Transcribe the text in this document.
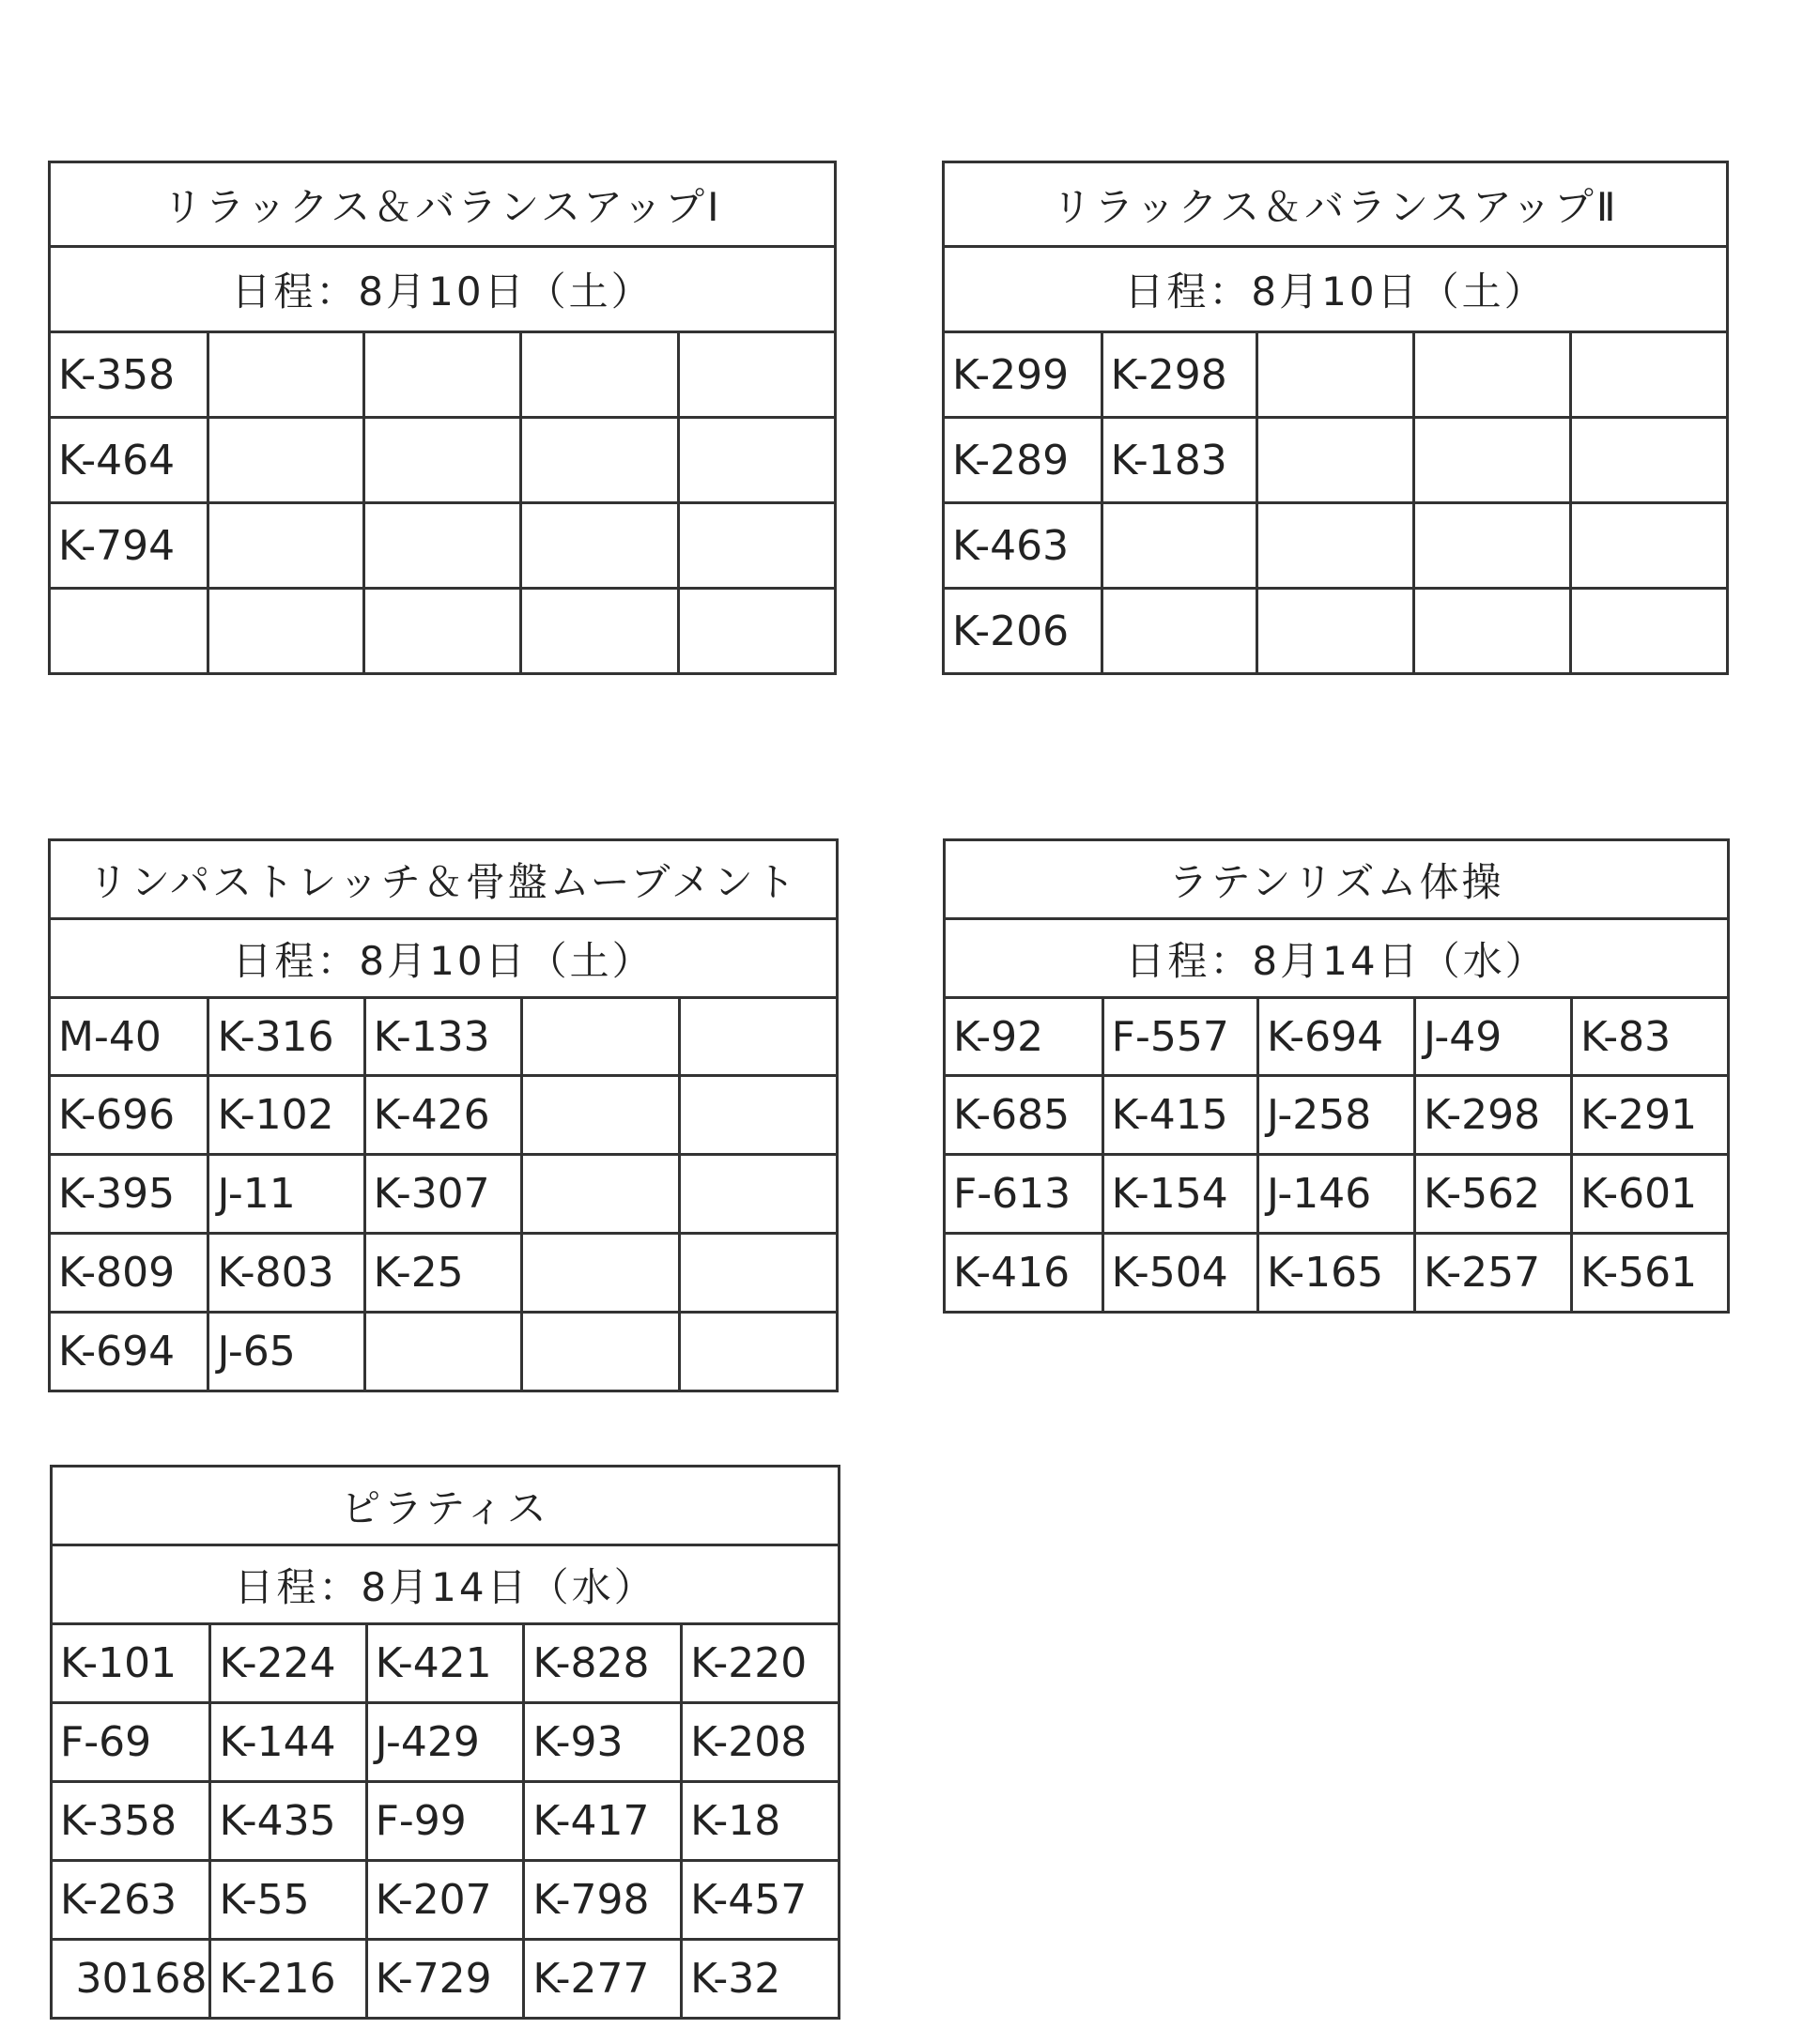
リラックス＆バランスアップⅠ				
日程：8月10日（土）				
K-358				
K-464				
K-794				

リラックス＆バランスアップⅡ				
日程：8月10日（土）				
K-299	K-298			
K-289	K-183			
K-463				
K-206				
リンパストレッチ＆骨盤ムーブメント				
日程：8月10日（土）				
M-40	K-316	K-133		
K-696	K-102	K-426		
K-395	J-11	K-307		
K-809	K-803	K-25		
K-694	J-65			
ラテンリズム体操				
日程：8月14日（水）				
K-92	F-557	K-694	J-49	K-83
K-685	K-415	J-258	K-298	K-291
F-613	K-154	J-146	K-562	K-601
K-416	K-504	K-165	K-257	K-561
ピラティス				
日程：8月14日（水）				
K-101	K-224	K-421	K-828	K-220
F-69	K-144	J-429	K-93	K-208
K-358	K-435	F-99	K-417	K-18
K-263	K-55	K-207	K-798	K-457
30168	K-216	K-729	K-277	K-32
